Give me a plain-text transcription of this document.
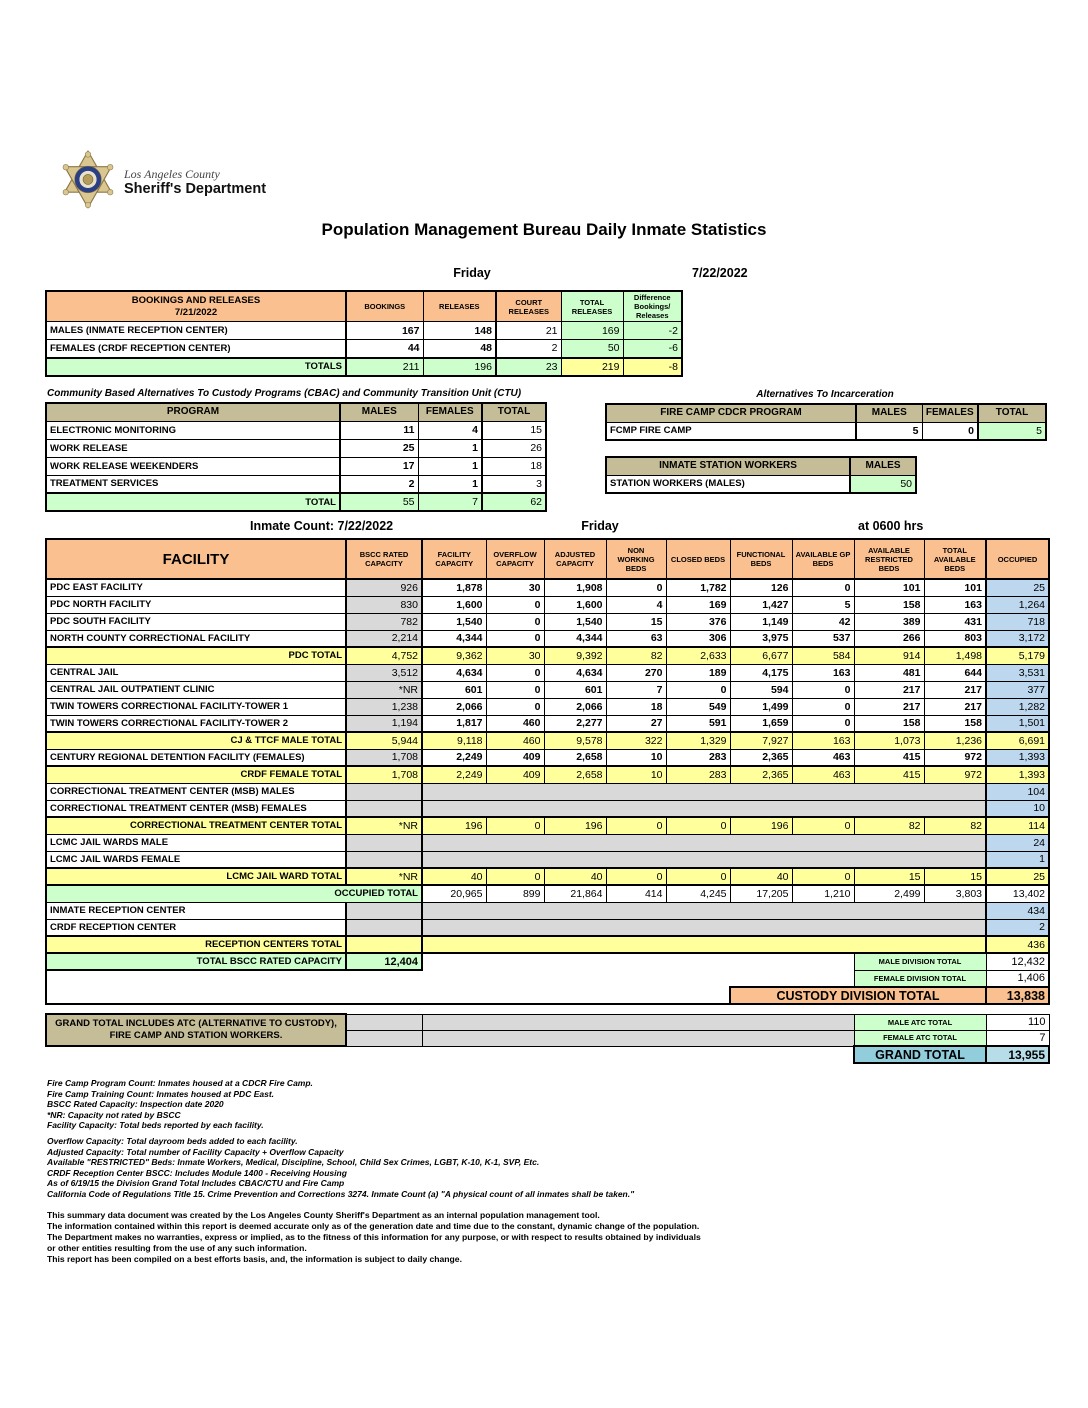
Los Angeles County
Sheriff's Department
Population Management Bureau Daily Inmate Statistics
Friday	7/22/2022
BOOKINGS AND RELEASES
7/21/2022	BOOKINGS	RELEASES	COURT RELEASES	TOTAL RELEASES	Difference Bookings/ Releases
MALES (INMATE RECEPTION CENTER)	167	148	21	169	-2
FEMALES (CRDF RECEPTION CENTER)	44	48	2	50	-6
TOTALS	211	196	23	219	-8
Community Based Alternatives To Custody Programs (CBAC) and Community Transition Unit (CTU)
PROGRAM	MALES	FEMALES	TOTAL
ELECTRONIC MONITORING	11	4	15
WORK RELEASE	25	1	26
WORK RELEASE WEEKENDERS	17	1	18
TREATMENT SERVICES	2	1	3
TOTAL	55	7	62
Alternatives To Incarceration
FIRE CAMP CDCR PROGRAM	MALES	FEMALES	TOTAL
FCMP FIRE CAMP	5	0	5
INMATE STATION WORKERS	MALES
STATION WORKERS (MALES)	50
Inmate Count: 7/22/2022	Friday	at 0600 hrs
FACILITY	BSCC RATED CAPACITY	FACILITY CAPACITY	OVERFLOW CAPACITY	ADJUSTED CAPACITY	NON WORKING BEDS	CLOSED BEDS	FUNCTIONAL BEDS	AVAILABLE GP BEDS	AVAILABLE RESTRICTED BEDS	TOTAL AVAILABLE BEDS	OCCUPIED
PDC EAST FACILITY	926	1,878	30	1,908	0	1,782	126	0	101	101	25
PDC NORTH FACILITY	830	1,600	0	1,600	4	169	1,427	5	158	163	1,264
PDC SOUTH FACILITY	782	1,540	0	1,540	15	376	1,149	42	389	431	718
NORTH COUNTY CORRECTIONAL FACILITY	2,214	4,344	0	4,344	63	306	3,975	537	266	803	3,172
PDC TOTAL	4,752	9,362	30	9,392	82	2,633	6,677	584	914	1,498	5,179
CENTRAL JAIL	3,512	4,634	0	4,634	270	189	4,175	163	481	644	3,531
CENTRAL JAIL OUTPATIENT CLINIC	*NR	601	0	601	7	0	594	0	217	217	377
TWIN TOWERS CORRECTIONAL FACILITY-TOWER 1	1,238	2,066	0	2,066	18	549	1,499	0	217	217	1,282
TWIN TOWERS CORRECTIONAL FACILITY-TOWER 2	1,194	1,817	460	2,277	27	591	1,659	0	158	158	1,501
CJ & TTCF MALE TOTAL	5,944	9,118	460	9,578	322	1,329	7,927	163	1,073	1,236	6,691
CENTURY REGIONAL DETENTION FACILITY (FEMALES)	1,708	2,249	409	2,658	10	283	2,365	463	415	972	1,393
CRDF FEMALE TOTAL	1,708	2,249	409	2,658	10	283	2,365	463	415	972	1,393
CORRECTIONAL TREATMENT CENTER (MSB) MALES											104
CORRECTIONAL TREATMENT CENTER (MSB) FEMALES											10
CORRECTIONAL TREATMENT CENTER TOTAL	*NR	196	0	196	0	0	196	0	82	82	114
LCMC JAIL WARDS MALE											24
LCMC JAIL WARDS FEMALE											1
LCMC JAIL WARD TOTAL	*NR	40	0	40	0	0	40	0	15	15	25
OCCUPIED TOTAL		20,965	899	21,864	414	4,245	17,205	1,210	2,499	3,803	13,402
INMATE RECEPTION CENTER											434
CRDF RECEPTION CENTER											2
RECEPTION CENTERS TOTAL											436
TOTAL BSCC RATED CAPACITY	12,404								MALE DIVISION TOTAL		12,432
									FEMALE DIVISION TOTAL		1,406
							CUSTODY DIVISION TOTAL				13,838
GRAND TOTAL INCLUDES ATC (ALTERNATIVE TO CUSTODY), FIRE CAMP AND STATION WORKERS.			MALE ATC TOTAL	110
			FEMALE ATC TOTAL	7
			GRAND TOTAL	13,955
Fire Camp Program Count: Inmates housed at a CDCR Fire Camp.
Fire Camp Training Count: Inmates housed at PDC East.
BSCC Rated Capacity: Inspection date 2020
*NR: Capacity not rated by BSCC
Facility Capacity: Total beds reported by each facility.
Overflow Capacity: Total dayroom beds added to each facility.
Adjusted Capacity: Total number of Facility Capacity + Overflow Capacity
Available "RESTRICTED" Beds: Inmate Workers, Medical, Discipline, School, Child Sex Crimes, LGBT, K-10, K-1, SVP, Etc.
CRDF Reception Center BSCC: Includes Module 1400 - Receiving Housing
As of 6/19/15 the Division Grand Total Includes CBAC/CTU and Fire Camp
California Code of Regulations Title 15. Crime Prevention and Corrections 3274. Inmate Count (a) "A physical count of all inmates shall be taken."
This summary data document was created by the Los Angeles County Sheriff's Department as an internal population management tool.
The information contained within this report is deemed accurate only as of the generation date and time due to the constant, dynamic change of the population.
The Department makes no warranties, express or implied, as to the fitness of this information for any purpose, or with respect to results obtained by individuals
or other entities resulting from the use of any such information.
This report has been compiled on a best efforts basis, and, the information is subject to daily change.
